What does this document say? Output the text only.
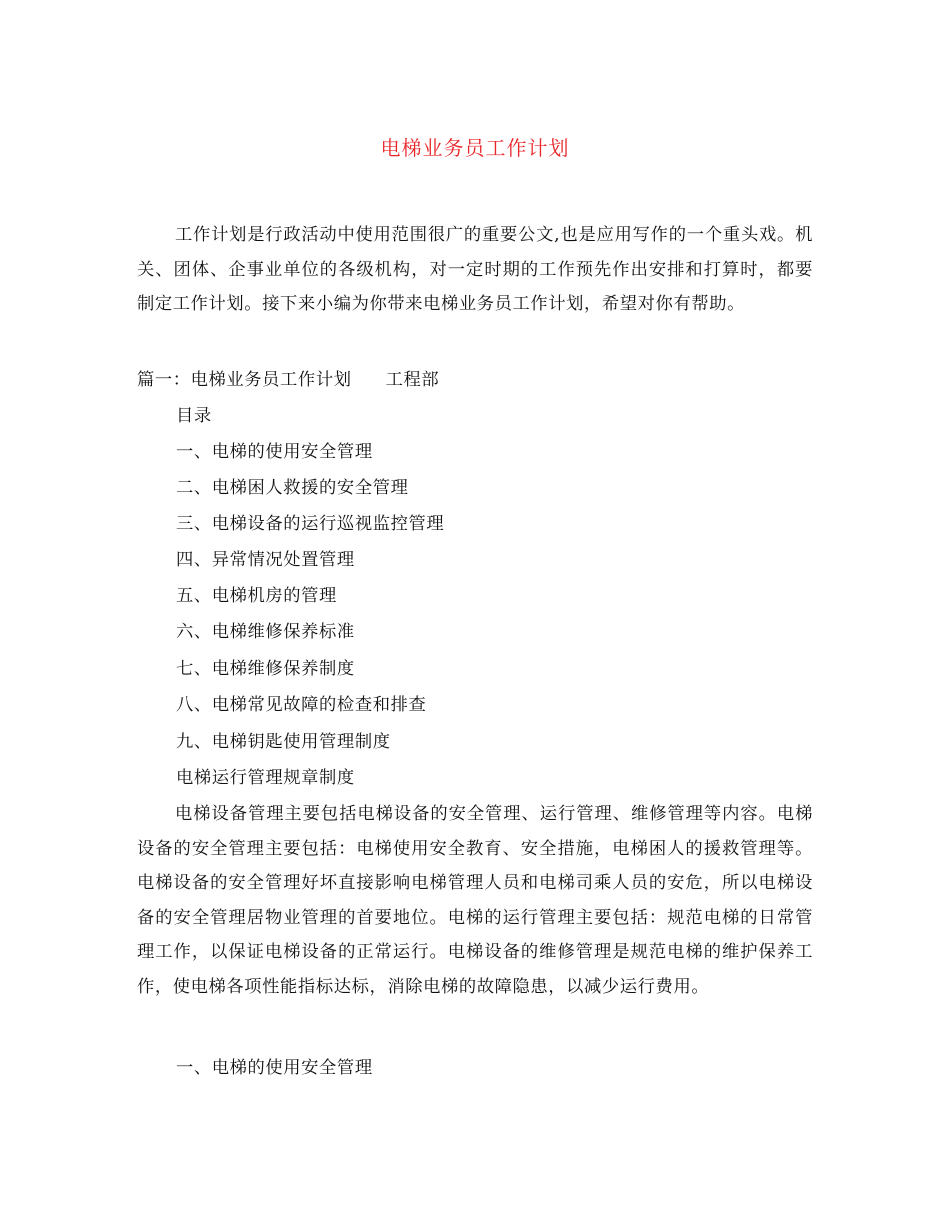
电梯业务员工作计划

工作计划是行政活动中使用范围很广的重要公文,也是应用写作的一个重头戏。机关、团体、企事业单位的各级机构，对一定时期的工作预先作出安排和打算时，都要制定工作计划。接下来小编为你带来电梯业务员工作计划，希望对你有帮助。

篇一：电梯业务员工作计划 工程部
目录
一、电梯的使用安全管理
二、电梯困人救援的安全管理
三、电梯设备的运行巡视监控管理
四、异常情况处置管理
五、电梯机房的管理
六、电梯维修保养标准
七、电梯维修保养制度
八、电梯常见故障的检查和排查
九、电梯钥匙使用管理制度
电梯运行管理规章制度

电梯设备管理主要包括电梯设备的安全管理、运行管理、维修管理等内容。电梯设备的安全管理主要包括：电梯使用安全教育、安全措施，电梯困人的援救管理等。电梯设备的安全管理好坏直接影响电梯管理人员和电梯司乘人员的安危，所以电梯设备的安全管理居物业管理的首要地位。电梯的运行管理主要包括：规范电梯的日常管理工作，以保证电梯设备的正常运行。电梯设备的维修管理是规范电梯的维护保养工作，使电梯各项性能指标达标，消除电梯的故障隐患，以减少运行费用。

一、电梯的使用安全管理
